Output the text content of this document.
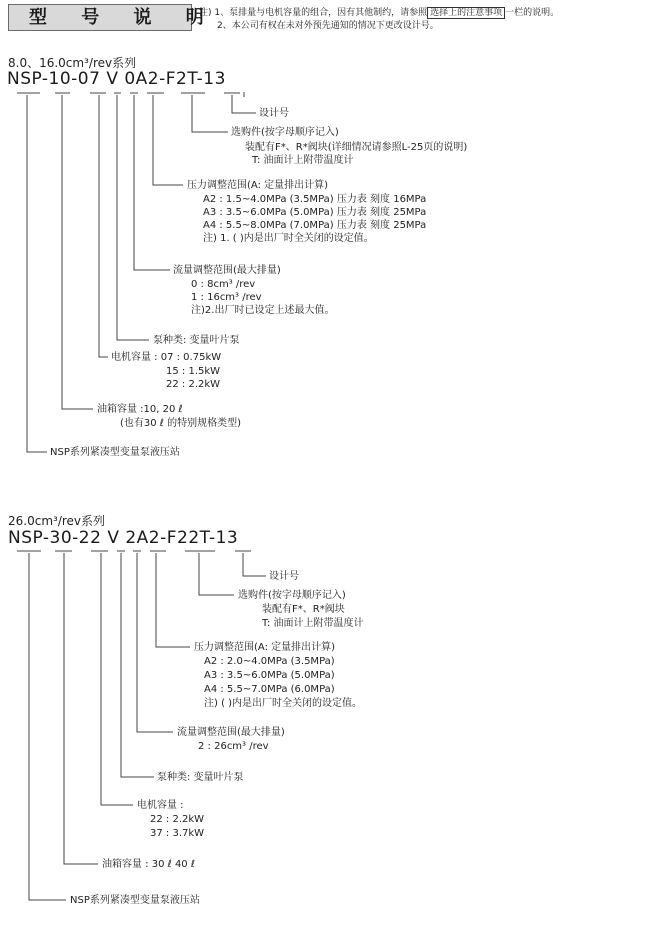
型 号 说 明
注) 1、泵排量与电机容量的组合，因有其他制约，请参照 选择上的注意事项 一栏的说明。
2、本公司有权在未对外预先通知的情况下更改设计号。
8.0、16.0cm³/rev系列
NSP-10-07 V 0A2-F2T-13
设计号
选购件(按字母顺序记入)
装配有F*、R*阀块(详细情况请参照L-25页的说明)
T: 油面计上附带温度计
压力调整范围(A: 定量排出计算)
A2 : 1.5~4.0MPa (3.5MPa) 压力表 刻度 16MPa
A3 : 3.5~6.0MPa (5.0MPa) 压力表 刻度 25MPa
A4 : 5.5~8.0MPa (7.0MPa) 压力表 刻度 25MPa
注) 1. ( )内是出厂时全关闭的设定值。
流量调整范围(最大排量)
0 : 8cm³ /rev
1 : 16cm³ /rev
注)2.出厂时已设定上述最大值。
泵种类: 变量叶片泵
电机容量 : 07 : 0.75kW
15 : 1.5kW
22 : 2.2kW
油箱容量 :10, 20 ℓ
(也有30 ℓ 的特别规格类型)
NSP系列紧凑型变量泵液压站
26.0cm³/rev系列
NSP-30-22 V 2A2-F22T-13
设计号
选购件(按字母顺序记入)
装配有F*、R*阀块
T: 油面计上附带温度计
压力调整范围(A: 定量排出计算)
A2 : 2.0~4.0MPa (3.5MPa)
A3 : 3.5~6.0MPa (5.0MPa)
A4 : 5.5~7.0MPa (6.0MPa)
注) ( )内是出厂时全关闭的设定值。
流量调整范围(最大排量)
2 : 26cm³ /rev
泵种类: 变量叶片泵
电机容量 :
22 : 2.2kW
37 : 3.7kW
油箱容量 : 30 ℓ 40 ℓ
NSP系列紧凑型变量泵液压站
